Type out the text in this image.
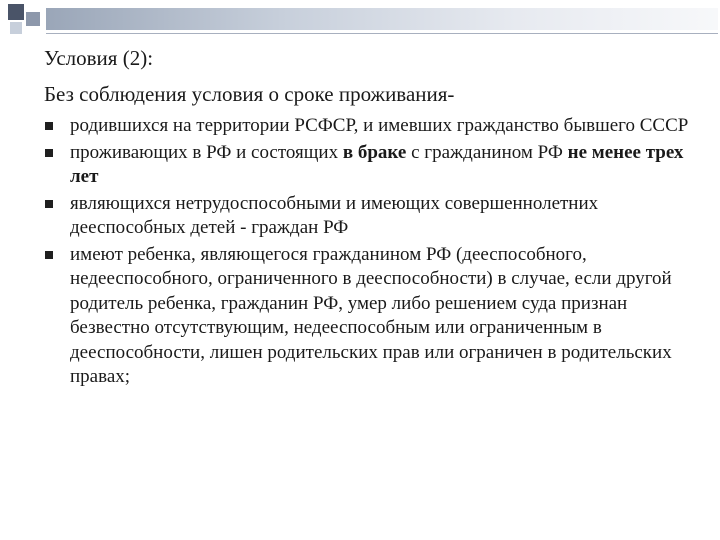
Условия (2):

Без соблюдения условия о сроке проживания-

родившихся на территории РСФСР, и имевших гражданство бывшего СССР
проживающих в РФ и состоящих в браке с гражданином РФ не менее трех лет
являющихся нетрудоспособными и имеющих совершеннолетних дееспособных детей - граждан РФ
имеют ребенка, являющегося гражданином РФ (дееспособного, недееспособного, ограниченного в дееспособности) в случае, если другой родитель ребенка, гражданин РФ, умер либо решением суда признан безвестно отсутствующим, недееспособным или ограниченным в дееспособности, лишен родительских прав или ограничен в родительских правах;
